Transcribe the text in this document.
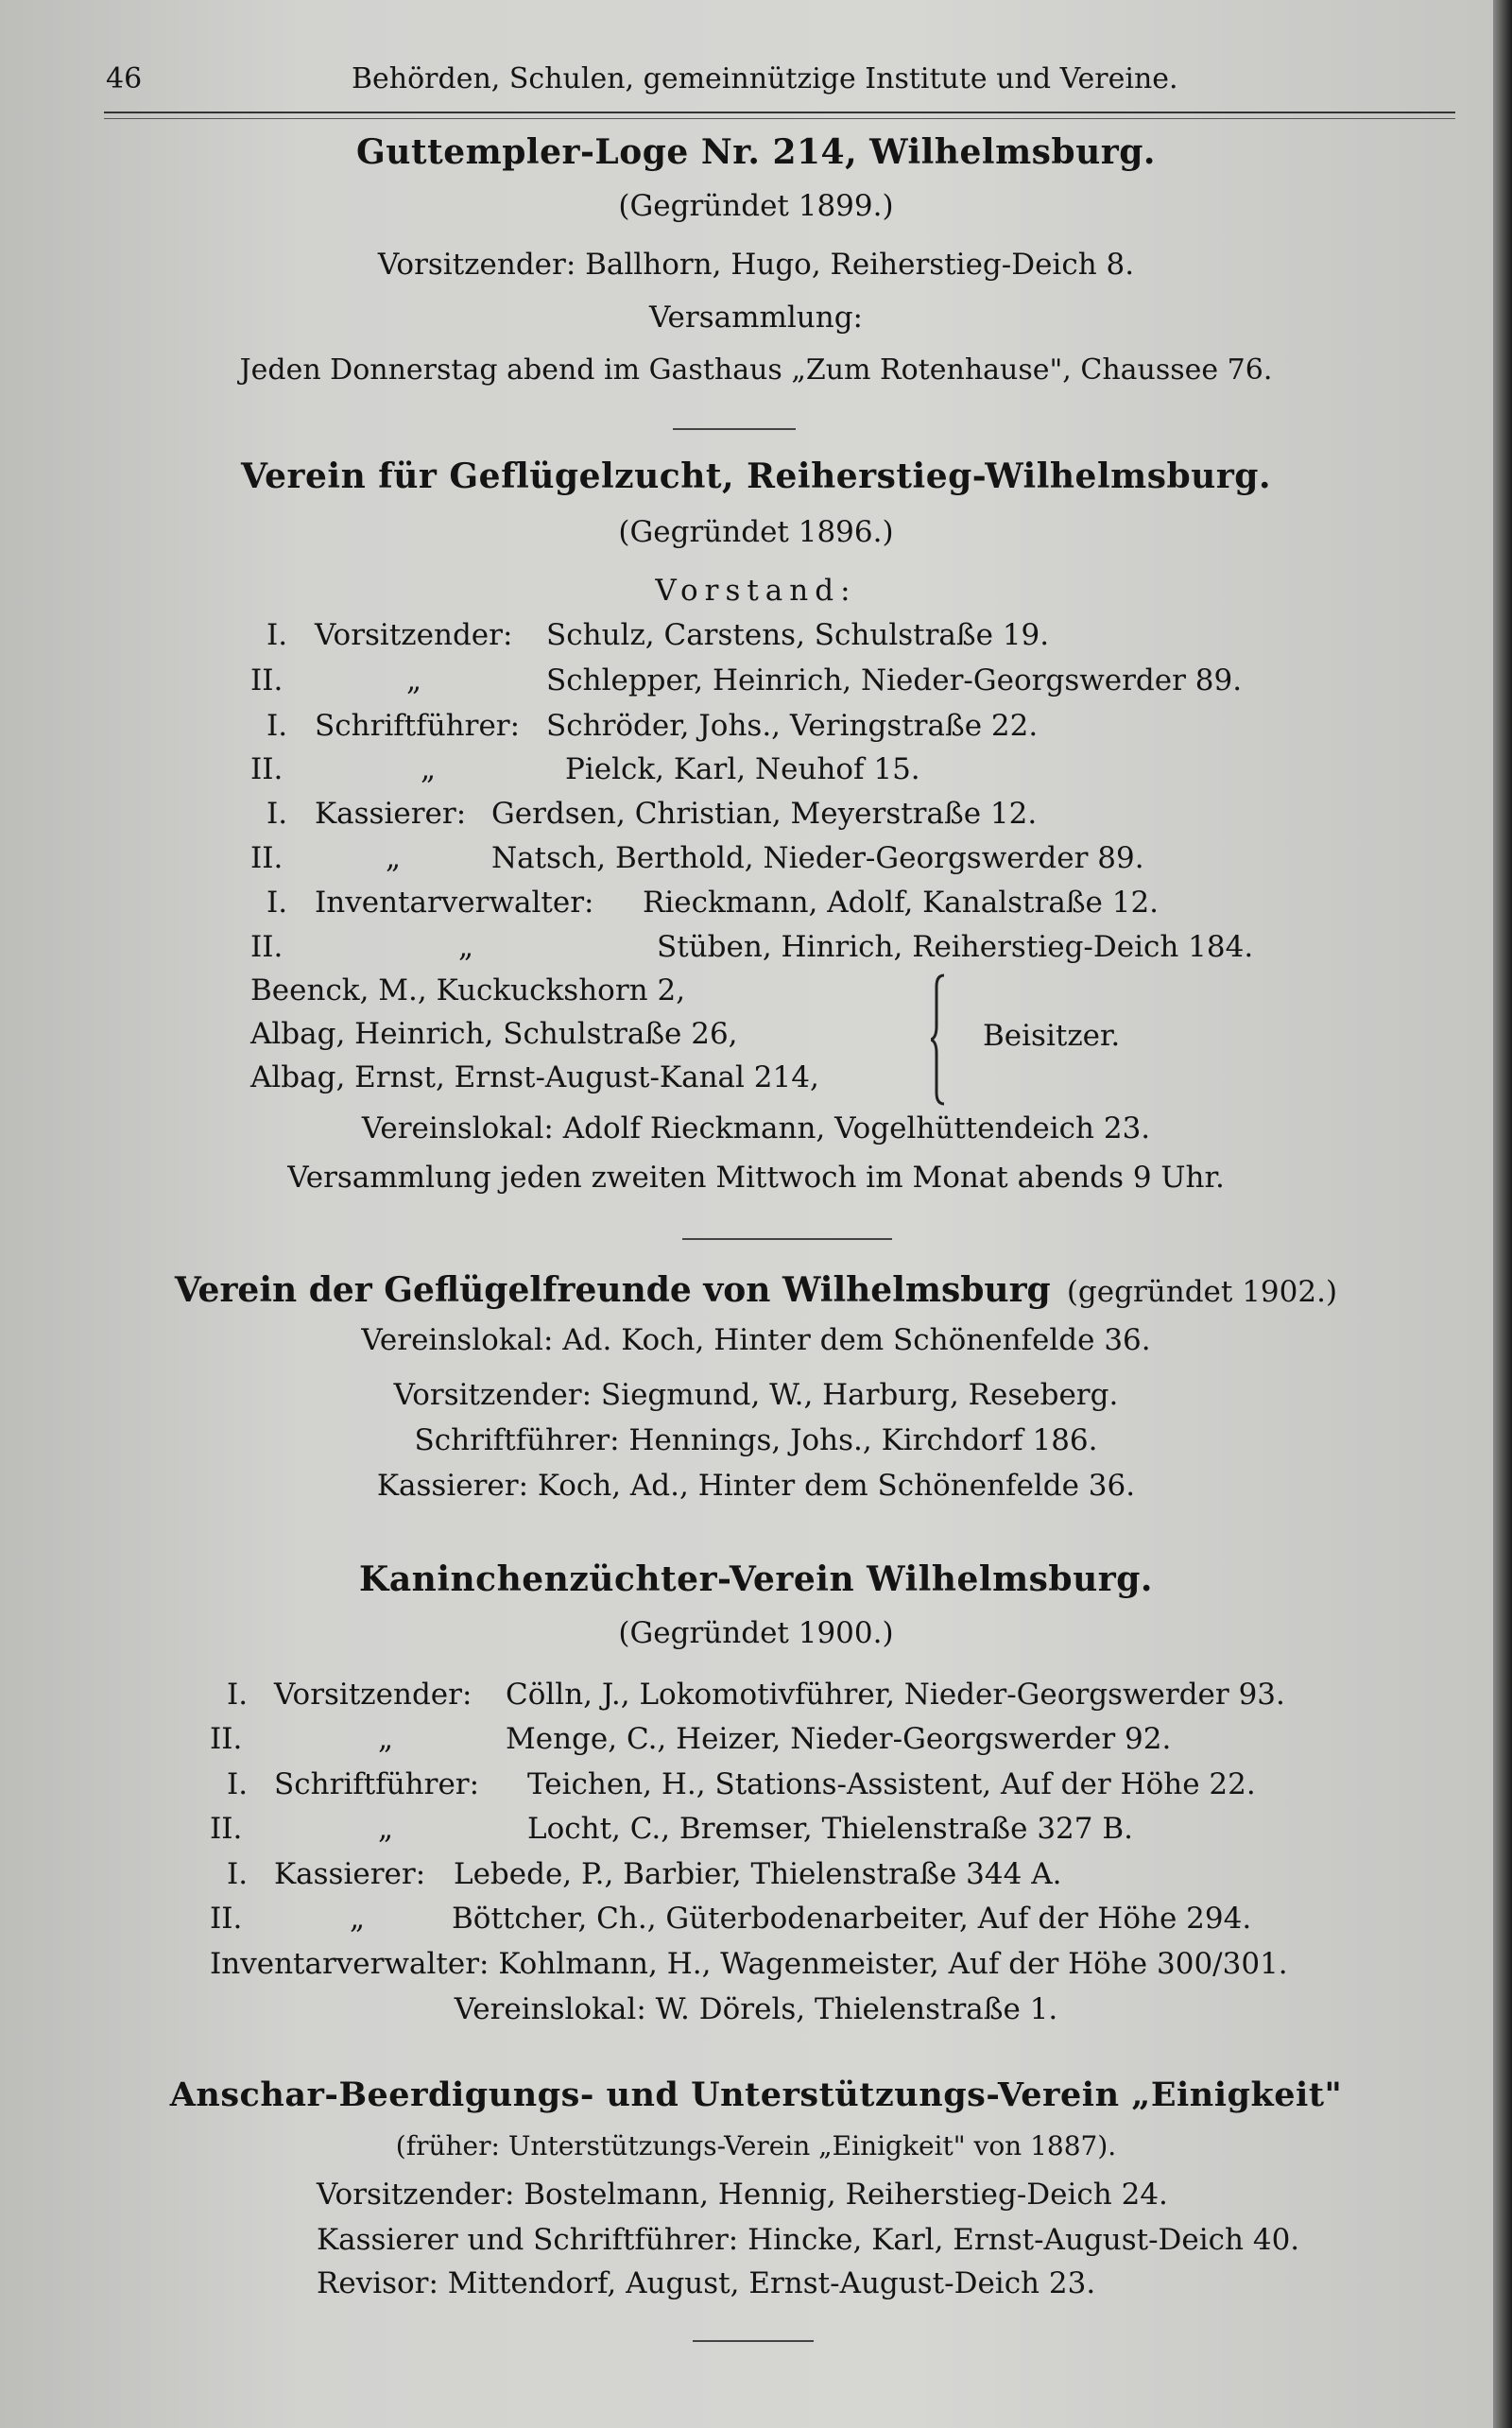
46	Behörden, Schulen, gemeinnützige Institute und Vereine.
Guttempler-Loge Nr. 214, Wilhelmsburg.
(Gegründet 1899.)
Vorsitzender: Ballhorn, Hugo, Reiherstieg-Deich 8.
Versammlung:
Jeden Donnerstag abend im Gasthaus „Zum Rotenhause", Chaussee 76.
Verein für Geflügelzucht, Reiherstieg-Wilhelmsburg.
(Gegründet 1896.)
Vorstand:
I. Vorsitzender: Schulz, Carstens, Schulstraße 19.
II.	„	Schlepper, Heinrich, Nieder-Georgswerder 89.
I. Schriftführer: Schröder, Johs., Veringstraße 22.
II.	„	Pielck, Karl, Neuhof 15.
I. Kassierer: Gerdsen, Christian, Meyerstraße 12.
II.	„	Natsch, Berthold, Nieder-Georgswerder 89.
I. Inventarverwalter: Rieckmann, Adolf, Kanalstraße 12.
II.	„	Stüben, Hinrich, Reiherstieg-Deich 184.
Beenck, M., Kuckuckshorn 2,
Albag, Heinrich, Schulstraße 26,
Albag, Ernst, Ernst-August-Kanal 214,
Beisitzer.
Vereinslokal: Adolf Rieckmann, Vogelhüttendeich 23.
Versammlung jeden zweiten Mittwoch im Monat abends 9 Uhr.
Verein der Geflügelfreunde von Wilhelmsburg (gegründet 1902.)
Vereinslokal: Ad. Koch, Hinter dem Schönenfelde 36.
Vorsitzender: Siegmund, W., Harburg, Reseberg.
Schriftführer: Hennings, Johs., Kirchdorf 186.
Kassierer: Koch, Ad., Hinter dem Schönenfelde 36.
Kaninchenzüchter-Verein Wilhelmsburg.
(Gegründet 1900.)
I. Vorsitzender: Cölln, J., Lokomotivführer, Nieder-Georgswerder 93.
II.	„	Menge, C., Heizer, Nieder-Georgswerder 92.
I. Schriftführer: Teichen, H., Stations-Assistent, Auf der Höhe 22.
II.	„	Locht, C., Bremser, Thielenstraße 327 B.
I. Kassierer: Lebede, P., Barbier, Thielenstraße 344 A.
II.	„	Böttcher, Ch., Güterbodenarbeiter, Auf der Höhe 294.
Inventarverwalter: Kohlmann, H., Wagenmeister, Auf der Höhe 300/301.
Vereinslokal: W. Dörels, Thielenstraße 1.
Anschar-Beerdigungs- und Unterstützungs-Verein „Einigkeit"
(früher: Unterstützungs-Verein „Einigkeit" von 1887).
Vorsitzender: Bostelmann, Hennig, Reiherstieg-Deich 24.
Kassierer und Schriftführer: Hincke, Karl, Ernst-August-Deich 40.
Revisor: Mittendorf, August, Ernst-August-Deich 23.
